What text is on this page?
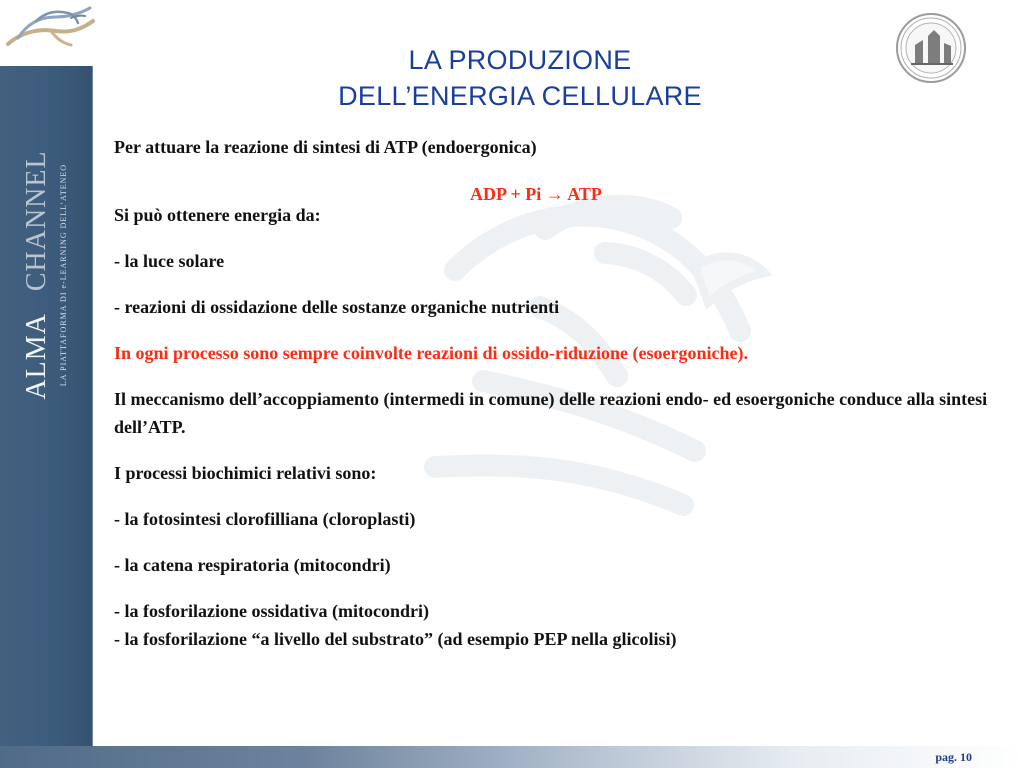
ALMA CHANNEL LA PIATTAFORMA DI e-LEARNING DELL’ATENEO
LA PRODUZIONE
DELL’ENERGIA CELLULARE

Per attuare la reazione di sintesi di ATP (endoergonica)

Si può ottenere energia da:

- la luce solare

- reazioni di ossidazione delle sostanze organiche nutrienti

In ogni processo sono sempre coinvolte reazioni di ossido-riduzione (esoergoniche).

Il meccanismo dell’accoppiamento (intermedi in comune) delle reazioni endo- ed esoergoniche conduce alla sintesi dell’ATP.

I processi biochimici relativi sono:

- la fotosintesi clorofilliana (cloroplasti)

- la catena respiratoria (mitocondri)

- la fosforilazione ossidativa (mitocondri)

- la fosforilazione “a livello del substrato” (ad esempio PEP nella glicolisi)

ADP + Pi → ATP
pag. 10
